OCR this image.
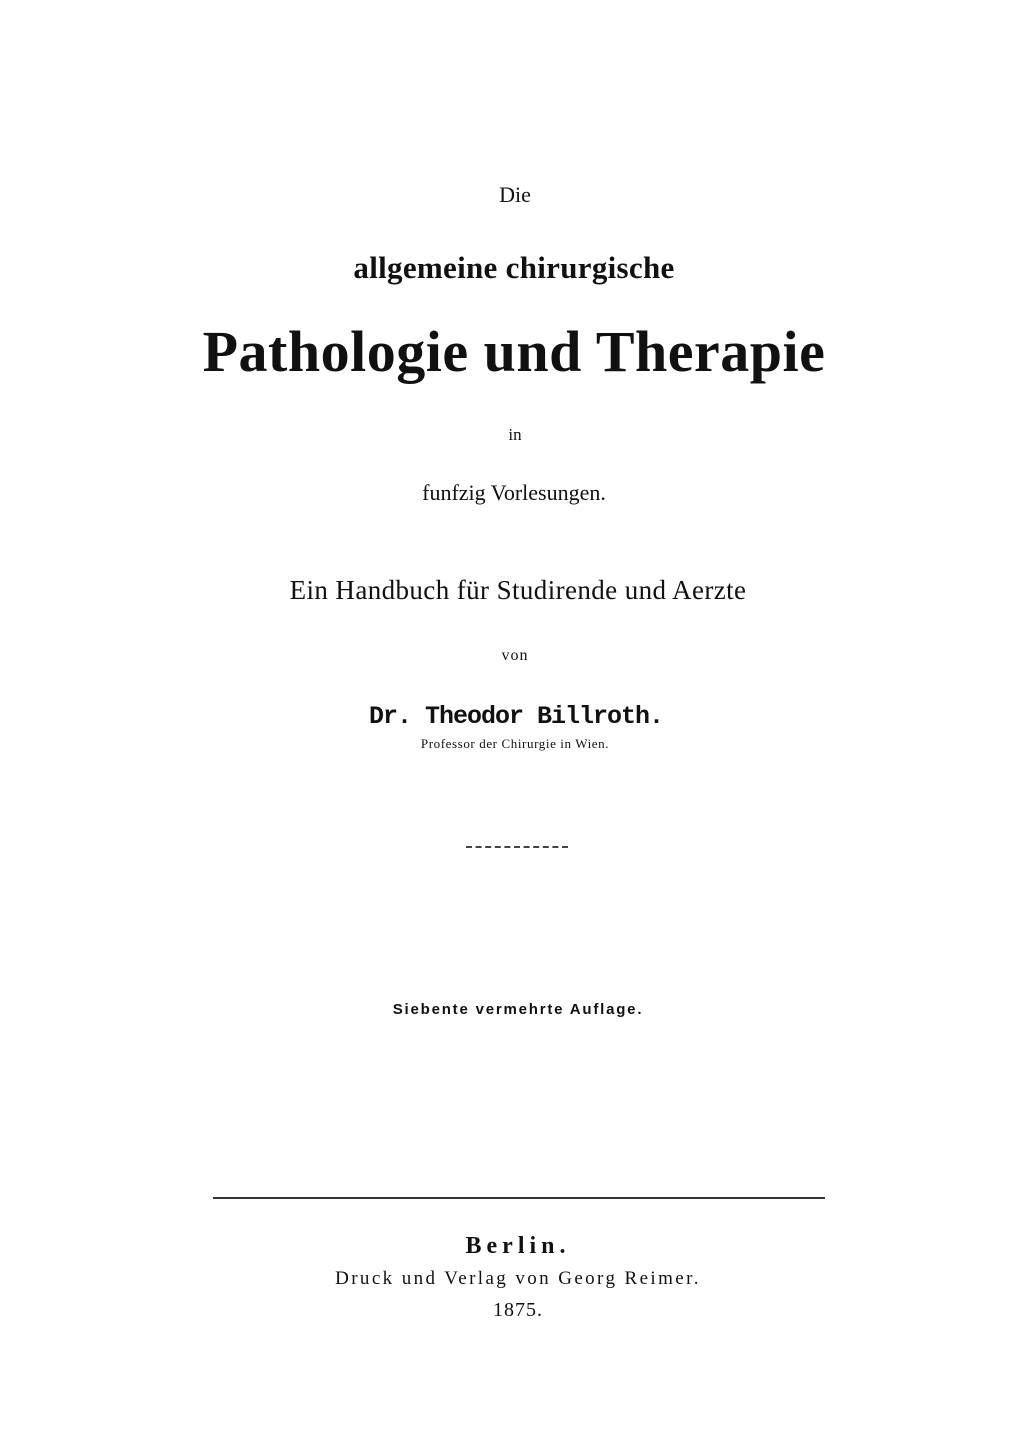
Die
allgemeine chirurgische
Pathologie und Therapie
in
funfzig Vorlesungen.
Ein Handbuch für Studirende und Aerzte
von
Dr. Theodor Billroth.
Professor der Chirurgie in Wien.
Siebente vermehrte Auflage.
Berlin.
Druck und Verlag von Georg Reimer.
1875.
